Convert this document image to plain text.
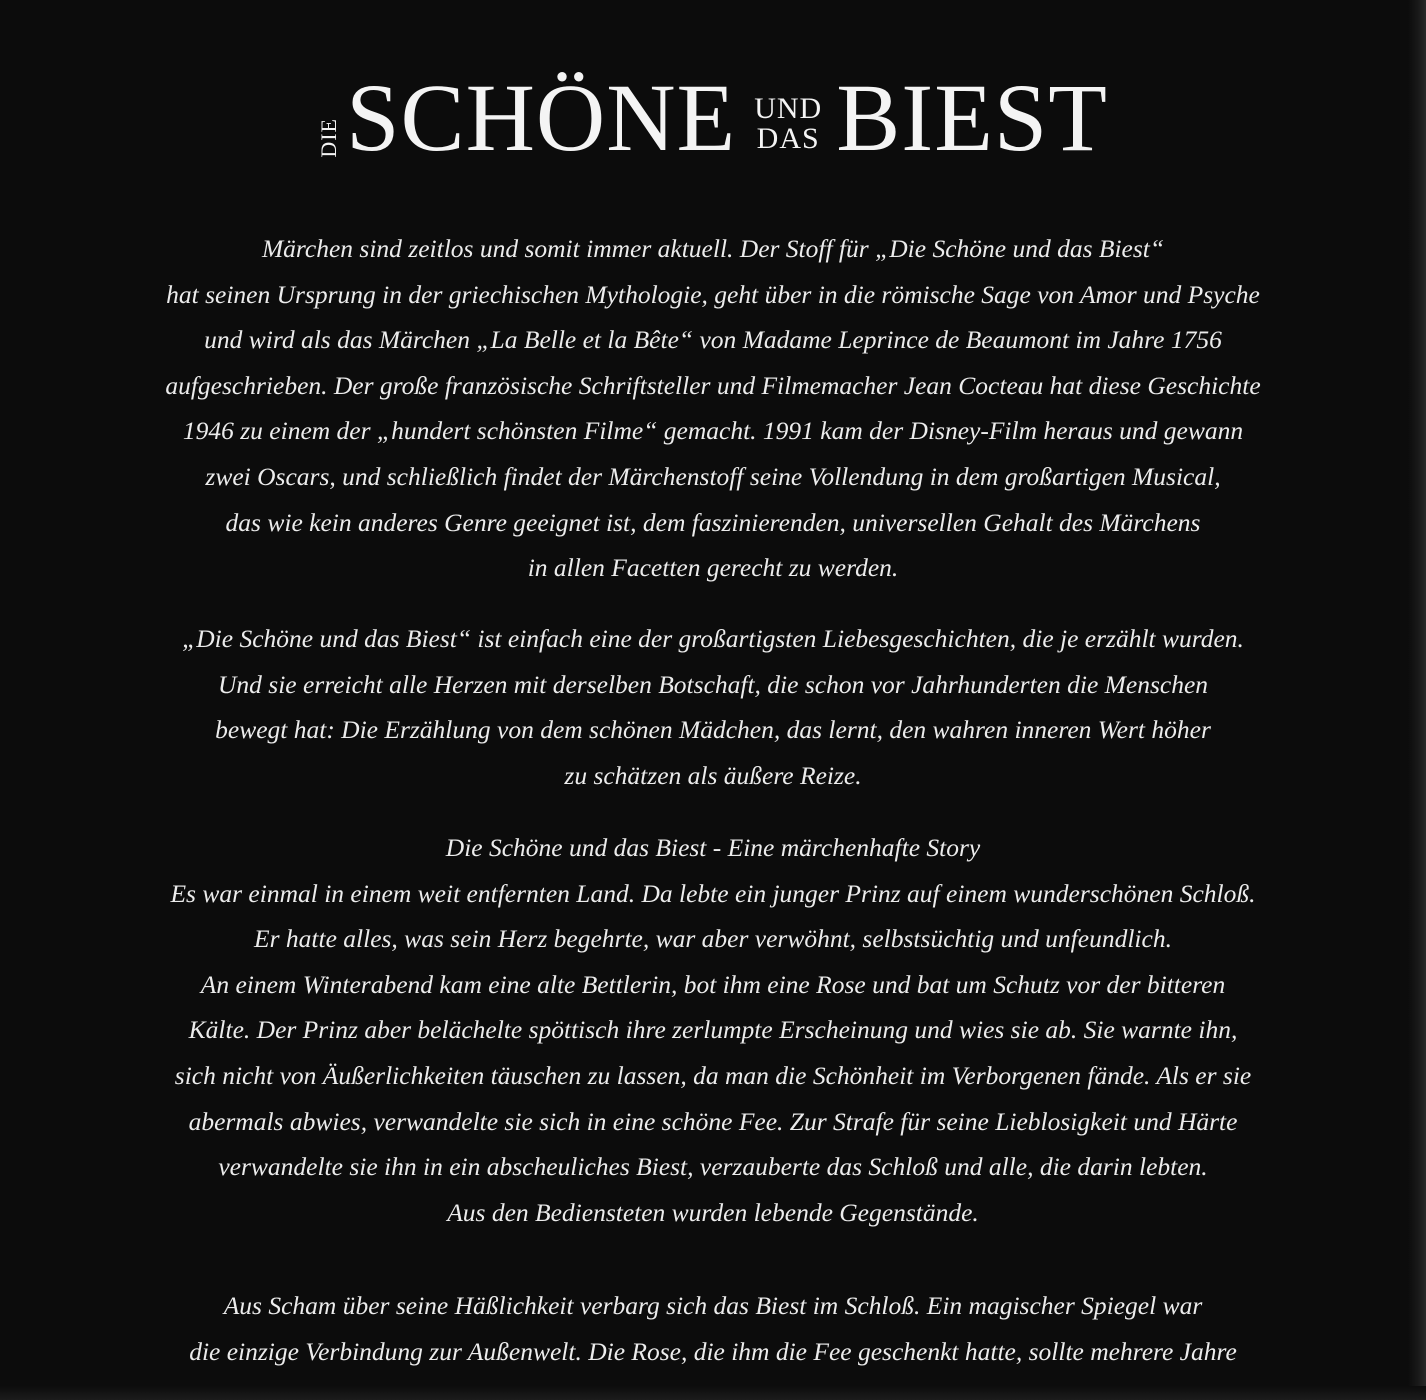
DIE SCHÖNE UND
DAS BIEST
Märchen sind zeitlos und somit immer aktuell. Der Stoff für „Die Schöne und das Biest“
hat seinen Ursprung in der griechischen Mythologie, geht über in die römische Sage von Amor und Psyche
und wird als das Märchen „La Belle et la Bête“ von Madame Leprince de Beaumont im Jahre 1756
aufgeschrieben. Der große französische Schriftsteller und Filmemacher Jean Cocteau hat diese Geschichte
1946 zu einem der „hundert schönsten Filme“ gemacht. 1991 kam der Disney-Film heraus und gewann
zwei Oscars, und schließlich findet der Märchenstoff seine Vollendung in dem großartigen Musical,
das wie kein anderes Genre geeignet ist, dem faszinierenden, universellen Gehalt des Märchens
in allen Facetten gerecht zu werden.
„Die Schöne und das Biest“ ist einfach eine der großartigsten Liebesgeschichten, die je erzählt wurden.
Und sie erreicht alle Herzen mit derselben Botschaft, die schon vor Jahrhunderten die Menschen
bewegt hat: Die Erzählung von dem schönen Mädchen, das lernt, den wahren inneren Wert höher
zu schätzen als äußere Reize.
Die Schöne und das Biest - Eine märchenhafte Story
Es war einmal in einem weit entfernten Land. Da lebte ein junger Prinz auf einem wunderschönen Schloß.
Er hatte alles, was sein Herz begehrte, war aber verwöhnt, selbstsüchtig und unfeundlich.
An einem Winterabend kam eine alte Bettlerin, bot ihm eine Rose und bat um Schutz vor der bitteren
Kälte. Der Prinz aber belächelte spöttisch ihre zerlumpte Erscheinung und wies sie ab. Sie warnte ihn,
sich nicht von Äußerlichkeiten täuschen zu lassen, da man die Schönheit im Verborgenen fände. Als er sie
abermals abwies, verwandelte sie sich in eine schöne Fee. Zur Strafe für seine Lieblosigkeit und Härte
verwandelte sie ihn in ein abscheuliches Biest, verzauberte das Schloß und alle, die darin lebten.
Aus den Bediensteten wurden lebende Gegenstände.
Aus Scham über seine Häßlichkeit verbarg sich das Biest im Schloß. Ein magischer Spiegel war
die einzige Verbindung zur Außenwelt. Die Rose, die ihm die Fee geschenkt hatte, sollte mehrere Jahre
